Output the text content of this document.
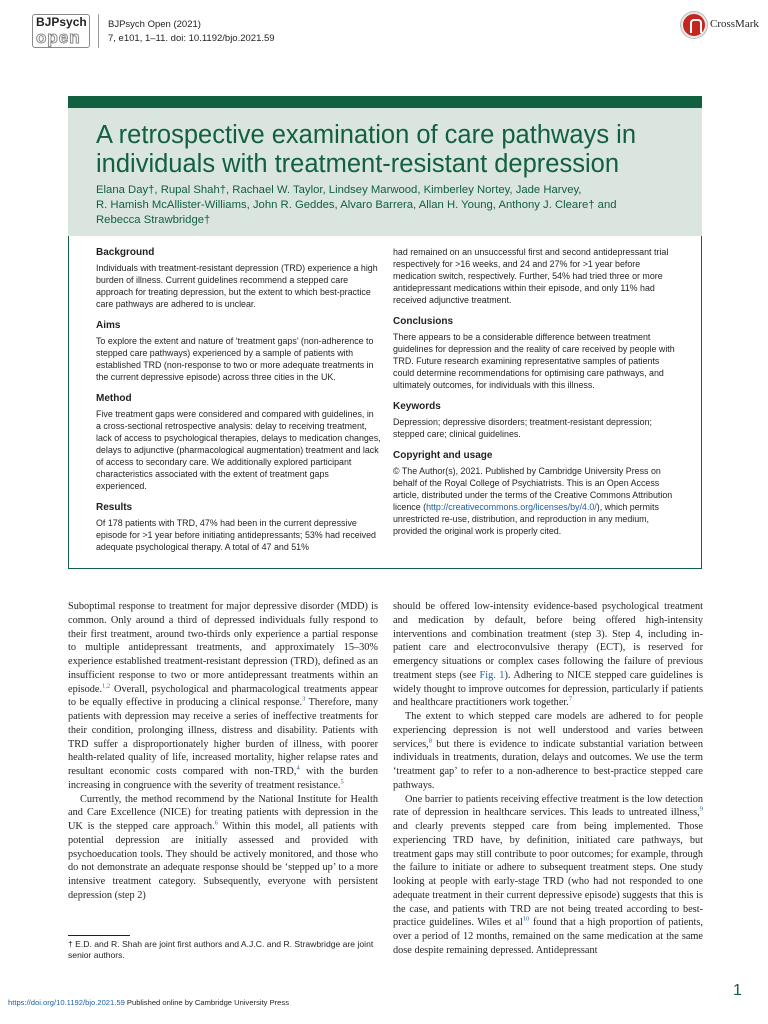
BJPsych
open
BJPsych Open (2021)
7, e101, 1–11. doi: 10.1192/bjo.2021.59
CrossMark
A retrospective examination of care pathways in individuals with treatment-resistant depression
Elana Day†, Rupal Shah†, Rachael W. Taylor, Lindsey Marwood, Kimberley Nortey, Jade Harvey,
R. Hamish McAllister-Williams, John R. Geddes, Alvaro Barrera, Allan H. Young, Anthony J. Cleare† and
Rebecca Strawbridge†
Background
Individuals with treatment-resistant depression (TRD) experience a high burden of illness. Current guidelines recommend a stepped care approach for treating depression, but the extent to which best-practice care pathways are adhered to is unclear.
Aims
To explore the extent and nature of ‘treatment gaps’ (non-adherence to stepped care pathways) experienced by a sample of patients with established TRD (non-response to two or more adequate treatments in the current depressive episode) across three cities in the UK.
Method
Five treatment gaps were considered and compared with guidelines, in a cross-sectional retrospective analysis: delay to receiving treatment, lack of access to psychological therapies, delays to medication changes, delays to adjunctive (pharmacological augmentation) treatment and lack of access to secondary care. We additionally explored participant characteristics associated with the extent of treatment gaps experienced.
Results
Of 178 patients with TRD, 47% had been in the current depressive episode for >1 year before initiating antidepressants; 53% had received adequate psychological therapy. A total of 47 and 51%
had remained on an unsuccessful first and second antidepressant trial respectively for >16 weeks, and 24 and 27% for >1 year before medication switch, respectively. Further, 54% had tried three or more antidepressant medications within their episode, and only 11% had received adjunctive treatment.
Conclusions
There appears to be a considerable difference between treatment guidelines for depression and the reality of care received by people with TRD. Future research examining representative samples of patients could determine recommendations for optimising care pathways, and ultimately outcomes, for individuals with this illness.
Keywords
Depression; depressive disorders; treatment-resistant depression; stepped care; clinical guidelines.
Copyright and usage
© The Author(s), 2021. Published by Cambridge University Press on behalf of the Royal College of Psychiatrists. This is an Open Access article, distributed under the terms of the Creative Commons Attribution licence (http://creativecommons.org/licenses/by/4.0/), which permits unrestricted re-use, distribution, and reproduction in any medium, provided the original work is properly cited.

Suboptimal response to treatment for major depressive disorder (MDD) is common. Only around a third of depressed individuals fully respond to their first treatment, around two-thirds only experience a partial response to multiple antidepressant treatments, and approximately 15–30% experience established treatment-resistant depression (TRD), defined as an insufficient response to two or more antidepressant treatments within an episode.$^{1,2}$ Overall, psychological and pharmacological treatments appear to be equally effective in producing a clinical response.$^3$ Therefore, many patients with depression may receive a series of ineffective treatments for their condition, prolonging illness, distress and disability. Patients with TRD suffer a disproportionately higher burden of illness, with poorer health-related quality of life, increased mortality, higher relapse rates and resultant economic costs compared with non-TRD,$^4$ with the burden increasing in congruence with the severity of treatment resistance.$^5$

Currently, the method recommend by the National Institute for Health and Care Excellence (NICE) for treating patients with depression in the UK is the stepped care approach.$^6$ Within this model, all patients with potential depression are initially assessed and provided with psychoeducation tools. They should be actively monitored, and those who do not demonstrate an adequate response should be ‘stepped up’ to a more intensive treatment category. Subsequently, everyone with persistent depression (step 2)

should be offered low-intensity evidence-based psychological treatment and medication by default, before being offered high-intensity interventions and combination treatment (step 3). Step 4, including in-patient care and electroconvulsive therapy (ECT), is reserved for emergency situations or complex cases following the failure of previous treatment steps (see Fig. 1). Adhering to NICE stepped care guidelines is widely thought to improve outcomes for depression, particularly if patients and healthcare practitioners work together.$^7$

The extent to which stepped care models are adhered to for people experiencing depression is not well understood and varies between services,$^8$ but there is evidence to indicate substantial variation between individuals in treatments, duration, delays and outcomes. We use the term ‘treatment gap’ to refer to a non-adherence to best-practice stepped care pathways.

One barrier to patients receiving effective treatment is the low detection rate of depression in healthcare services. This leads to untreated illness,$^9$ and clearly prevents stepped care from being implemented. Those experiencing TRD have, by definition, initiated care pathways, but treatment gaps may still contribute to poor outcomes; for example, through the failure to initiate or adhere to subsequent treatment steps. One study looking at people with early-stage TRD (who had not responded to one adequate treatment in their current depressive episode) suggests that this is the case, and patients with TRD are not being treated according to best-practice guidelines. Wiles et $al^{10}$ found that a high proportion of patients, over a period of 12 months, remained on the same medication at the same dose despite remaining depressed. Antidepressant

† E.D. and R. Shah are joint first authors and A.J.C. and R. Strawbridge are joint senior authors.
https://doi.org/10.1192/bjo.2021.59 Published online by Cambridge University Press
1
